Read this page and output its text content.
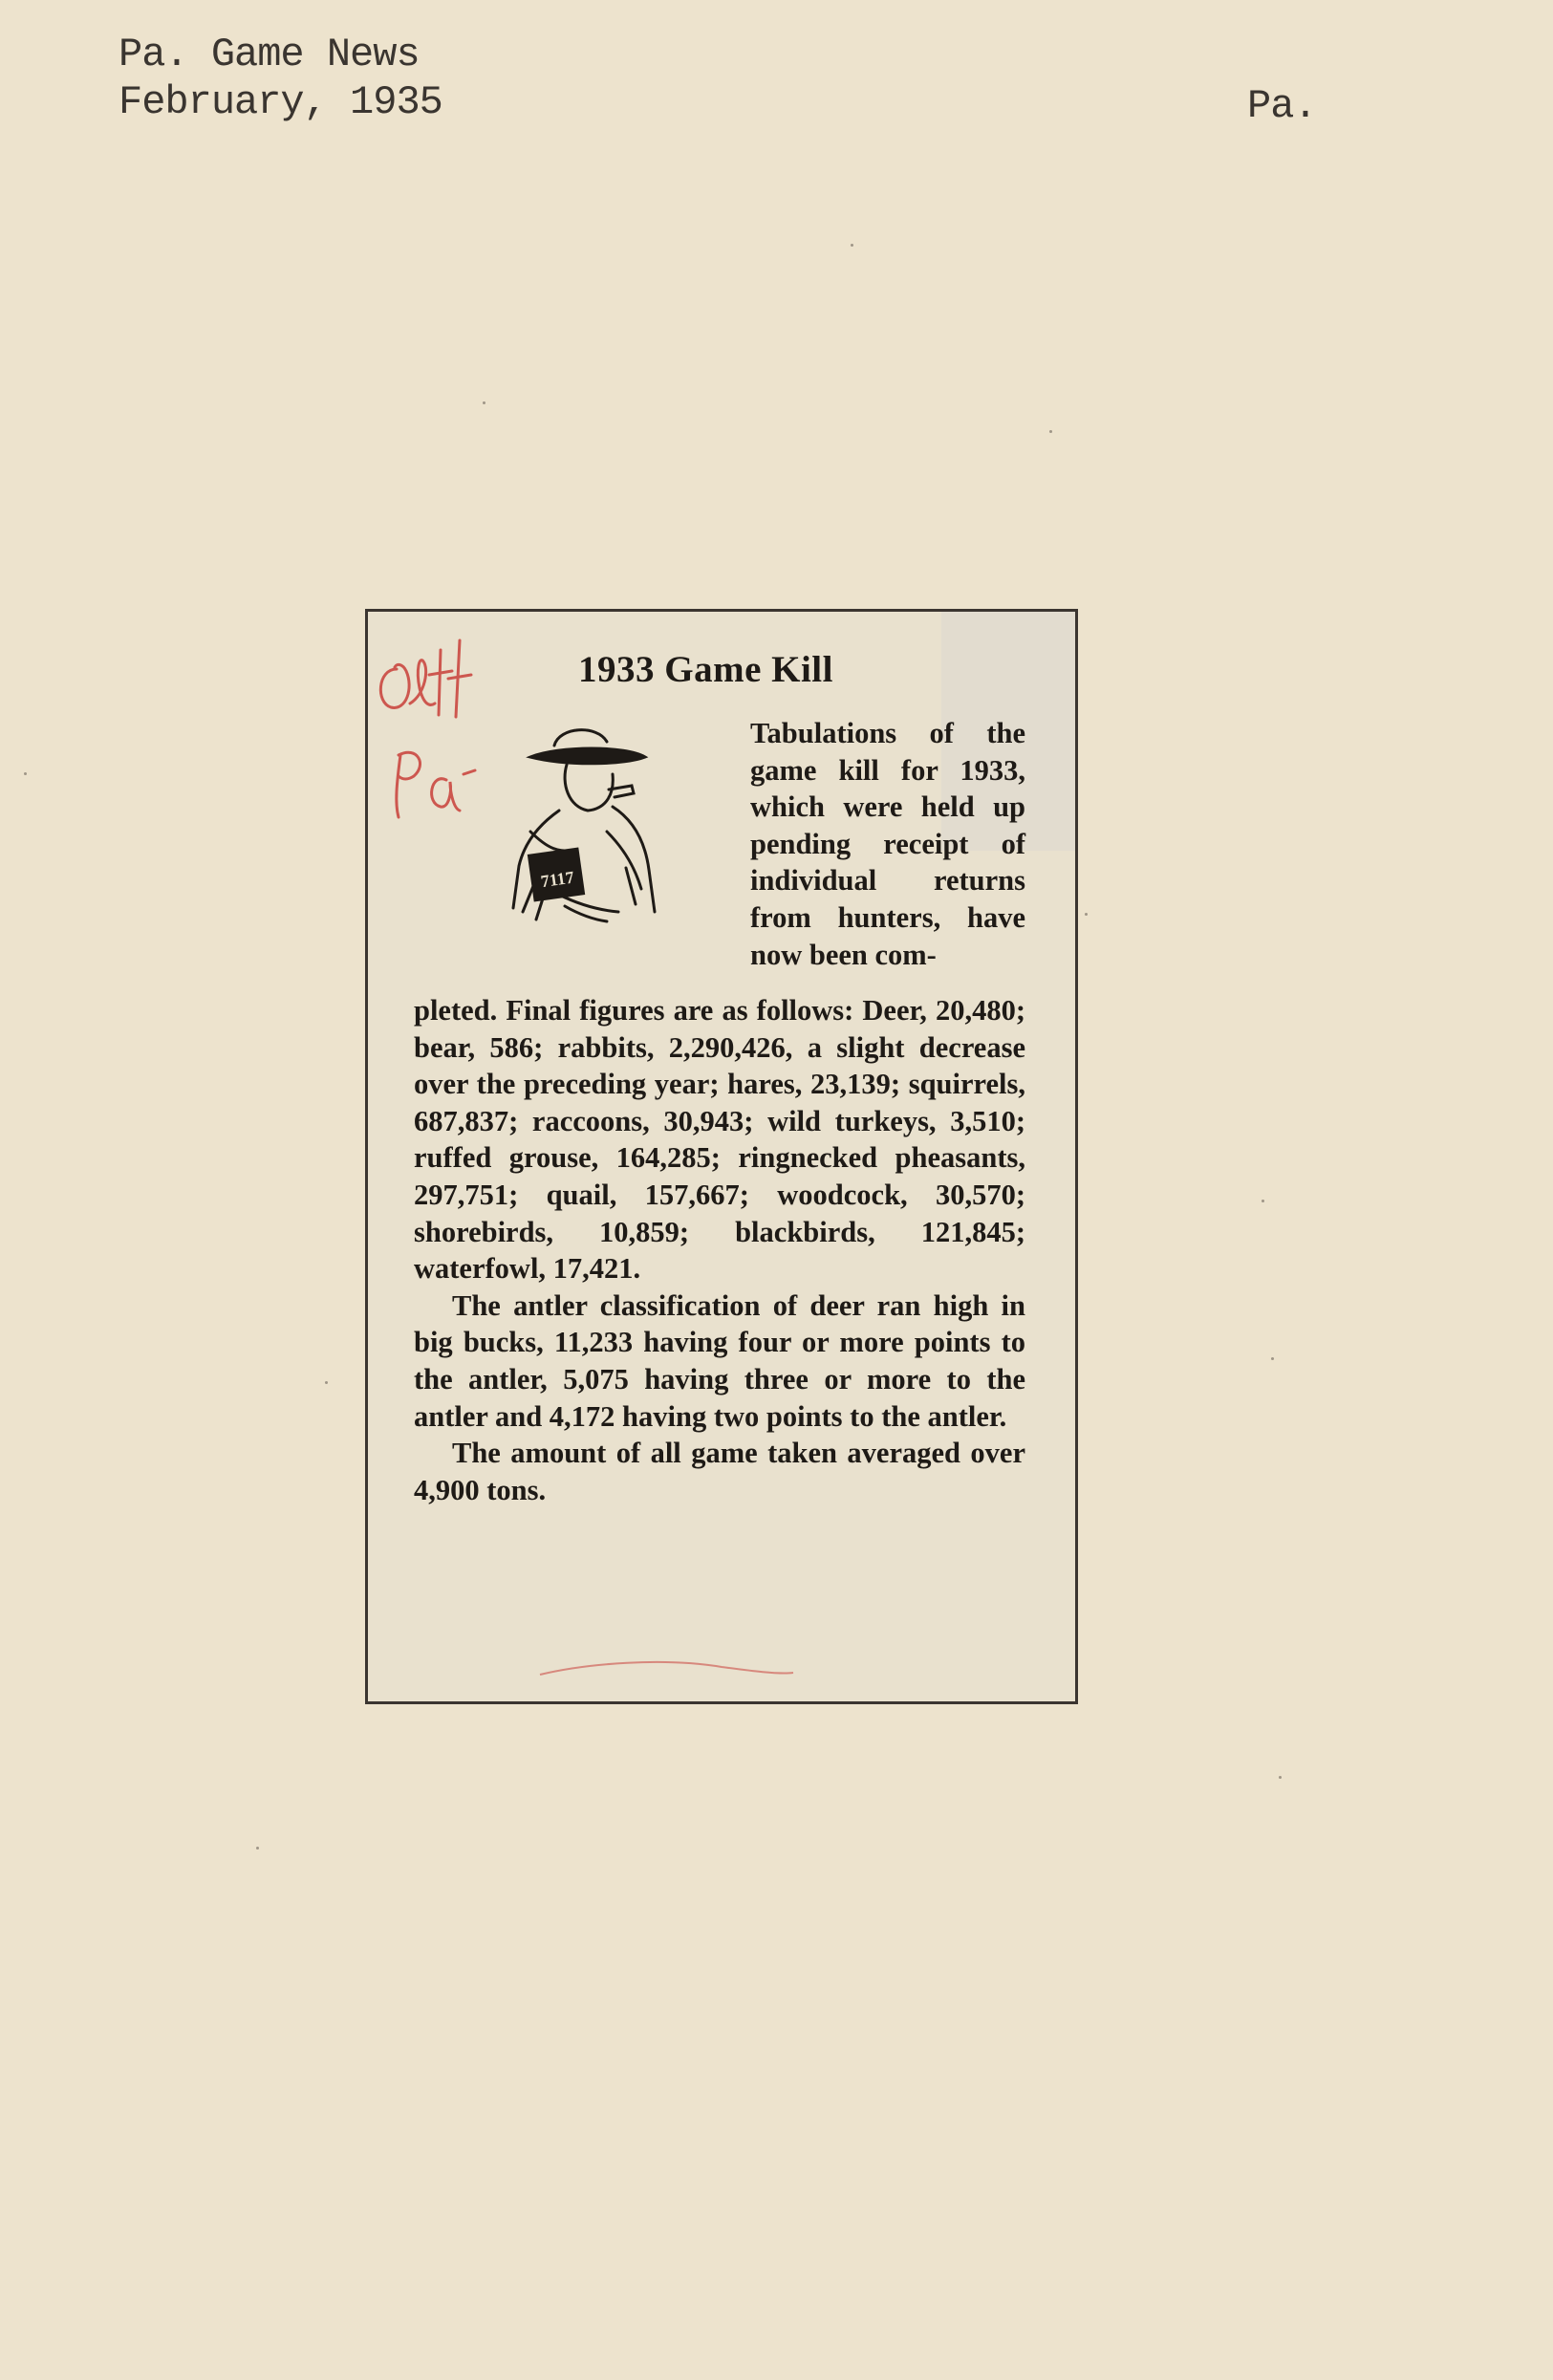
Pa. Game News
February, 1935	Pa.
7117
1933 Game Kill

Tabulations of the game kill for 1933, which were held up pending receipt of individual returns from hunters, have now been com-

pleted. Final figures are as follows: Deer, 20,480; bear, 586; rabbits, 2,290,426, a slight decrease over the preceding year; hares, 23,139; squirrels, 687,837; raccoons, 30,943; wild turkeys, 3,510; ruffed grouse, 164,285; ringnecked pheasants, 297,751; quail, 157,667; woodcock, 30,570; shorebirds, 10,859; blackbirds, 121,845; waterfowl, 17,421.

The antler classification of deer ran high in big bucks, 11,233 having four or more points to the antler, 5,075 having three or more to the antler and 4,172 having two points to the antler.

The amount of all game taken averaged over 4,900 tons.
